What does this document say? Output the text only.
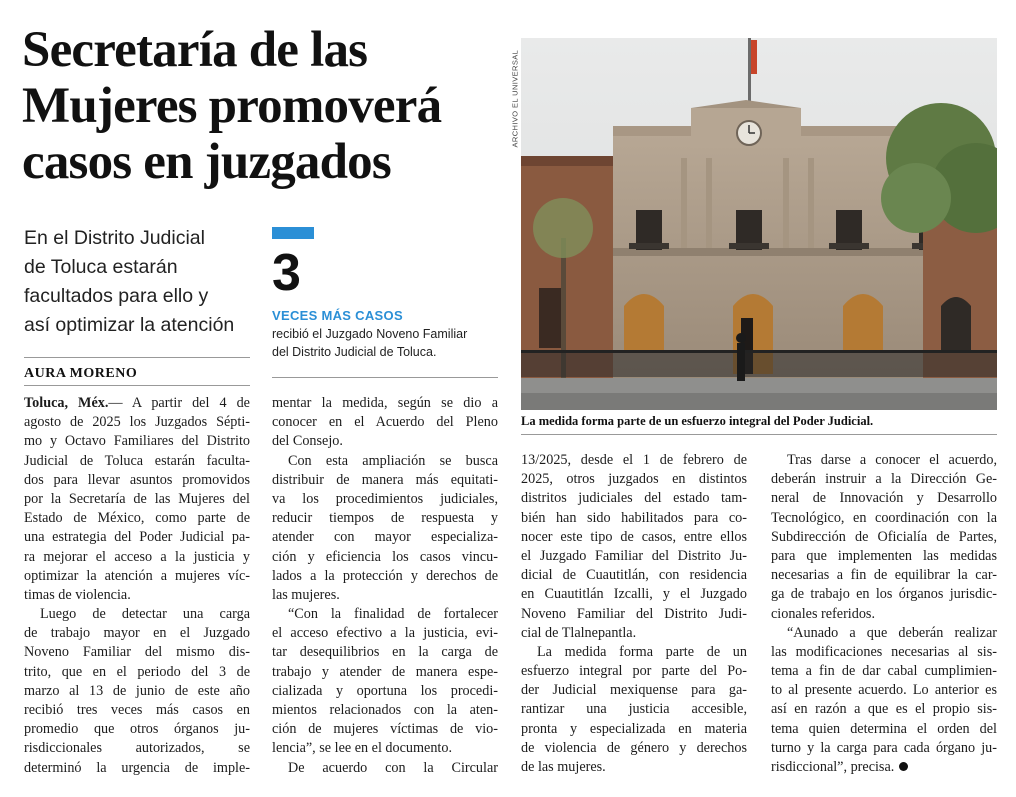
Secretaría de las
Mujeres promoverá
casos en juzgados
En el Distrito Judicial
de Toluca estarán
facultados para ello y
así optimizar la atención
AURA MORENO
3
VECES MÁS CASOS
recibió el Juzgado Noveno Familiar
del Distrito Judicial de Toluca.
ARCHIVO EL UNIVERSAL
La medida forma parte de un esfuerzo integral del Poder Judicial.
Toluca, Méx.— A partir del 4 de
agosto de 2025 los Juzgados Sépti-
mo y Octavo Familiares del Distrito
Judicial de Toluca estarán faculta-
dos para llevar asuntos promovidos
por la Secretaría de las Mujeres del
Estado de México, como parte de
una estrategia del Poder Judicial pa-
ra mejorar el acceso a la justicia y
optimizar la atención a mujeres víc-
timas de violencia.
Luego de detectar una carga
de trabajo mayor en el Juzgado
Noveno Familiar del mismo dis-
trito, que en el periodo del 3 de
marzo al 13 de junio de este año
recibió tres veces más casos en
promedio que otros órganos ju-
risdiccionales autorizados, se
determinó la urgencia de imple-
mentar la medida, según se dio a
conocer en el Acuerdo del Pleno
del Consejo.
Con esta ampliación se busca
distribuir de manera más equitati-
va los procedimientos judiciales,
reducir tiempos de respuesta y
atender con mayor especializa-
ción y eficiencia los casos vincu-
lados a la protección y derechos de
las mujeres.
“Con la finalidad de fortalecer
el acceso efectivo a la justicia, evi-
tar desequilibrios en la carga de
trabajo y atender de manera espe-
cializada y oportuna los procedi-
mientos relacionados con la aten-
ción de mujeres víctimas de vio-
lencia”, se lee en el documento.
De acuerdo con la Circular
13/2025, desde el 1 de febrero de
2025, otros juzgados en distintos
distritos judiciales del estado tam-
bién han sido habilitados para co-
nocer este tipo de casos, entre ellos
el Juzgado Familiar del Distrito Ju-
dicial de Cuautitlán, con residencia
en Cuautitlán Izcalli, y el Juzgado
Noveno Familiar del Distrito Judi-
cial de Tlalnepantla.
La medida forma parte de un
esfuerzo integral por parte del Po-
der Judicial mexiquense para ga-
rantizar una justicia accesible,
pronta y especializada en materia
de violencia de género y derechos
de las mujeres.
Tras darse a conocer el acuerdo,
deberán instruir a la Dirección Ge-
neral de Innovación y Desarrollo
Tecnológico, en coordinación con la
Subdirección de Oficialía de Partes,
para que implementen las medidas
necesarias a fin de equilibrar la car-
ga de trabajo en los órganos jurisdic-
cionales referidos.
“Aunado a que deberán realizar
las modificaciones necesarias al sis-
tema a fin de dar cabal cumplimien-
to al presente acuerdo. Lo anterior es
así en razón a que es el propio sis-
tema quien determina el orden del
turno y la carga para cada órgano ju-
risdiccional”, precisa.
